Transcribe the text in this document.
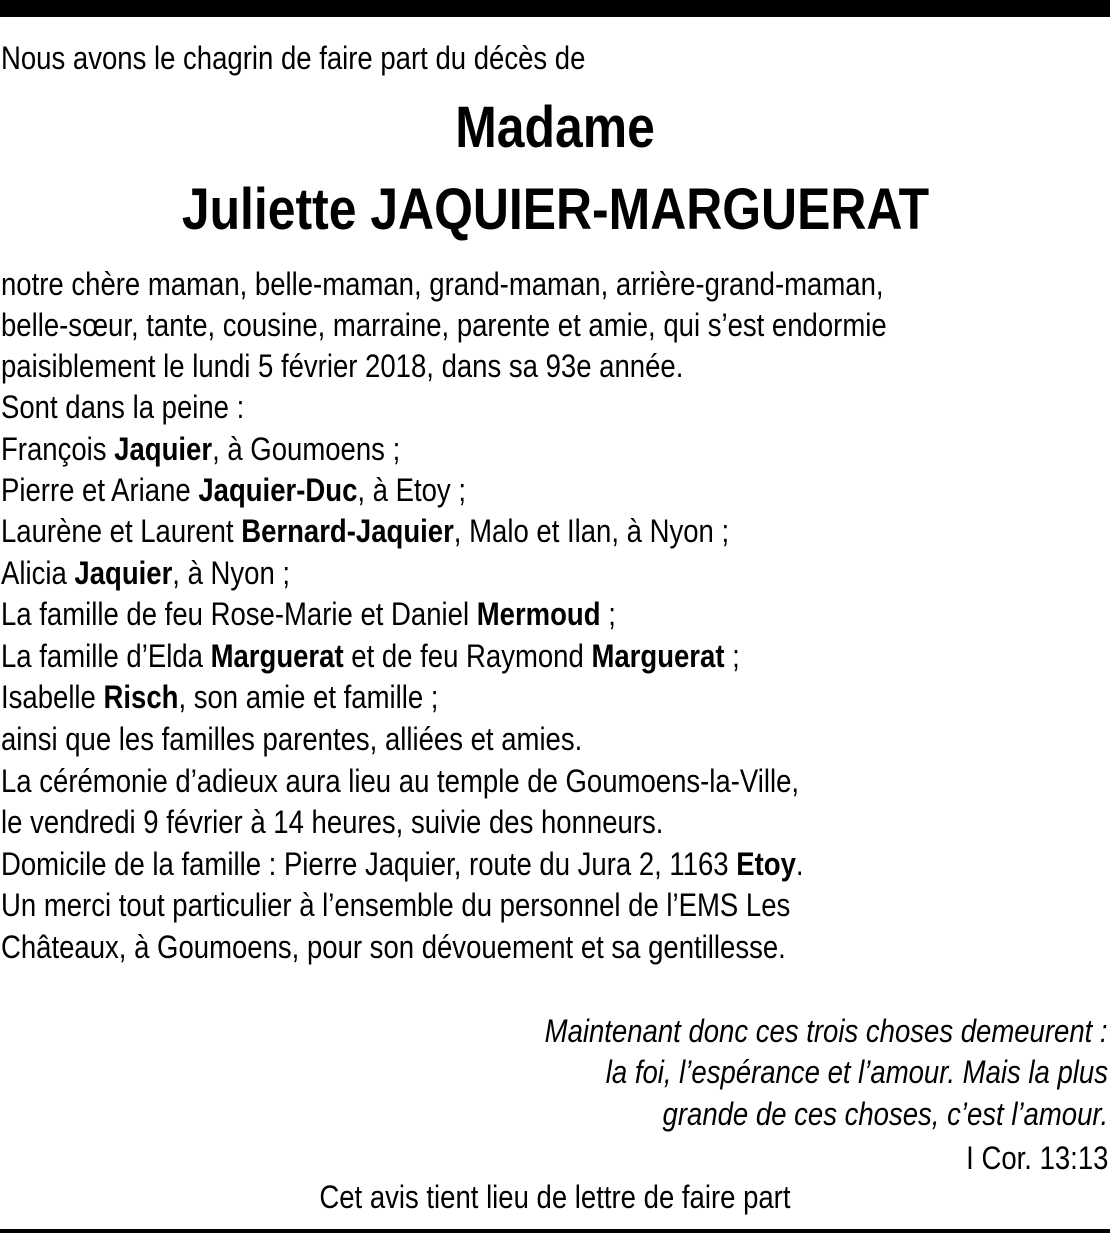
Nous avons le chagrin de faire part du décès de
Madame
Juliette JAQUIER-MARGUERAT
notre chère maman, belle-maman, grand-maman, arrière-grand-maman,
belle-sœur, tante, cousine, marraine, parente et amie, qui s’est endormie
paisiblement le lundi 5 février 2018, dans sa 93e année.
Sont dans la peine :
François Jaquier, à Goumoens ;
Pierre et Ariane Jaquier-Duc, à Etoy ;
Laurène et Laurent Bernard-Jaquier, Malo et Ilan, à Nyon ;
Alicia Jaquier, à Nyon ;
La famille de feu Rose-Marie et Daniel Mermoud ;
La famille d’Elda Marguerat et de feu Raymond Marguerat ;
Isabelle Risch, son amie et famille ;
ainsi que les familles parentes, alliées et amies.
La cérémonie d’adieux aura lieu au temple de Goumoens-la-Ville,
le vendredi 9 février à 14 heures, suivie des honneurs.
Domicile de la famille : Pierre Jaquier, route du Jura 2, 1163 Etoy.
Un merci tout particulier à l’ensemble du personnel de l’EMS Les
Châteaux, à Goumoens, pour son dévouement et sa gentillesse.
Maintenant donc ces trois choses demeurent :
la foi, l’espérance et l’amour. Mais la plus
grande de ces choses, c’est l’amour.
I Cor. 13:13
Cet avis tient lieu de lettre de faire part
